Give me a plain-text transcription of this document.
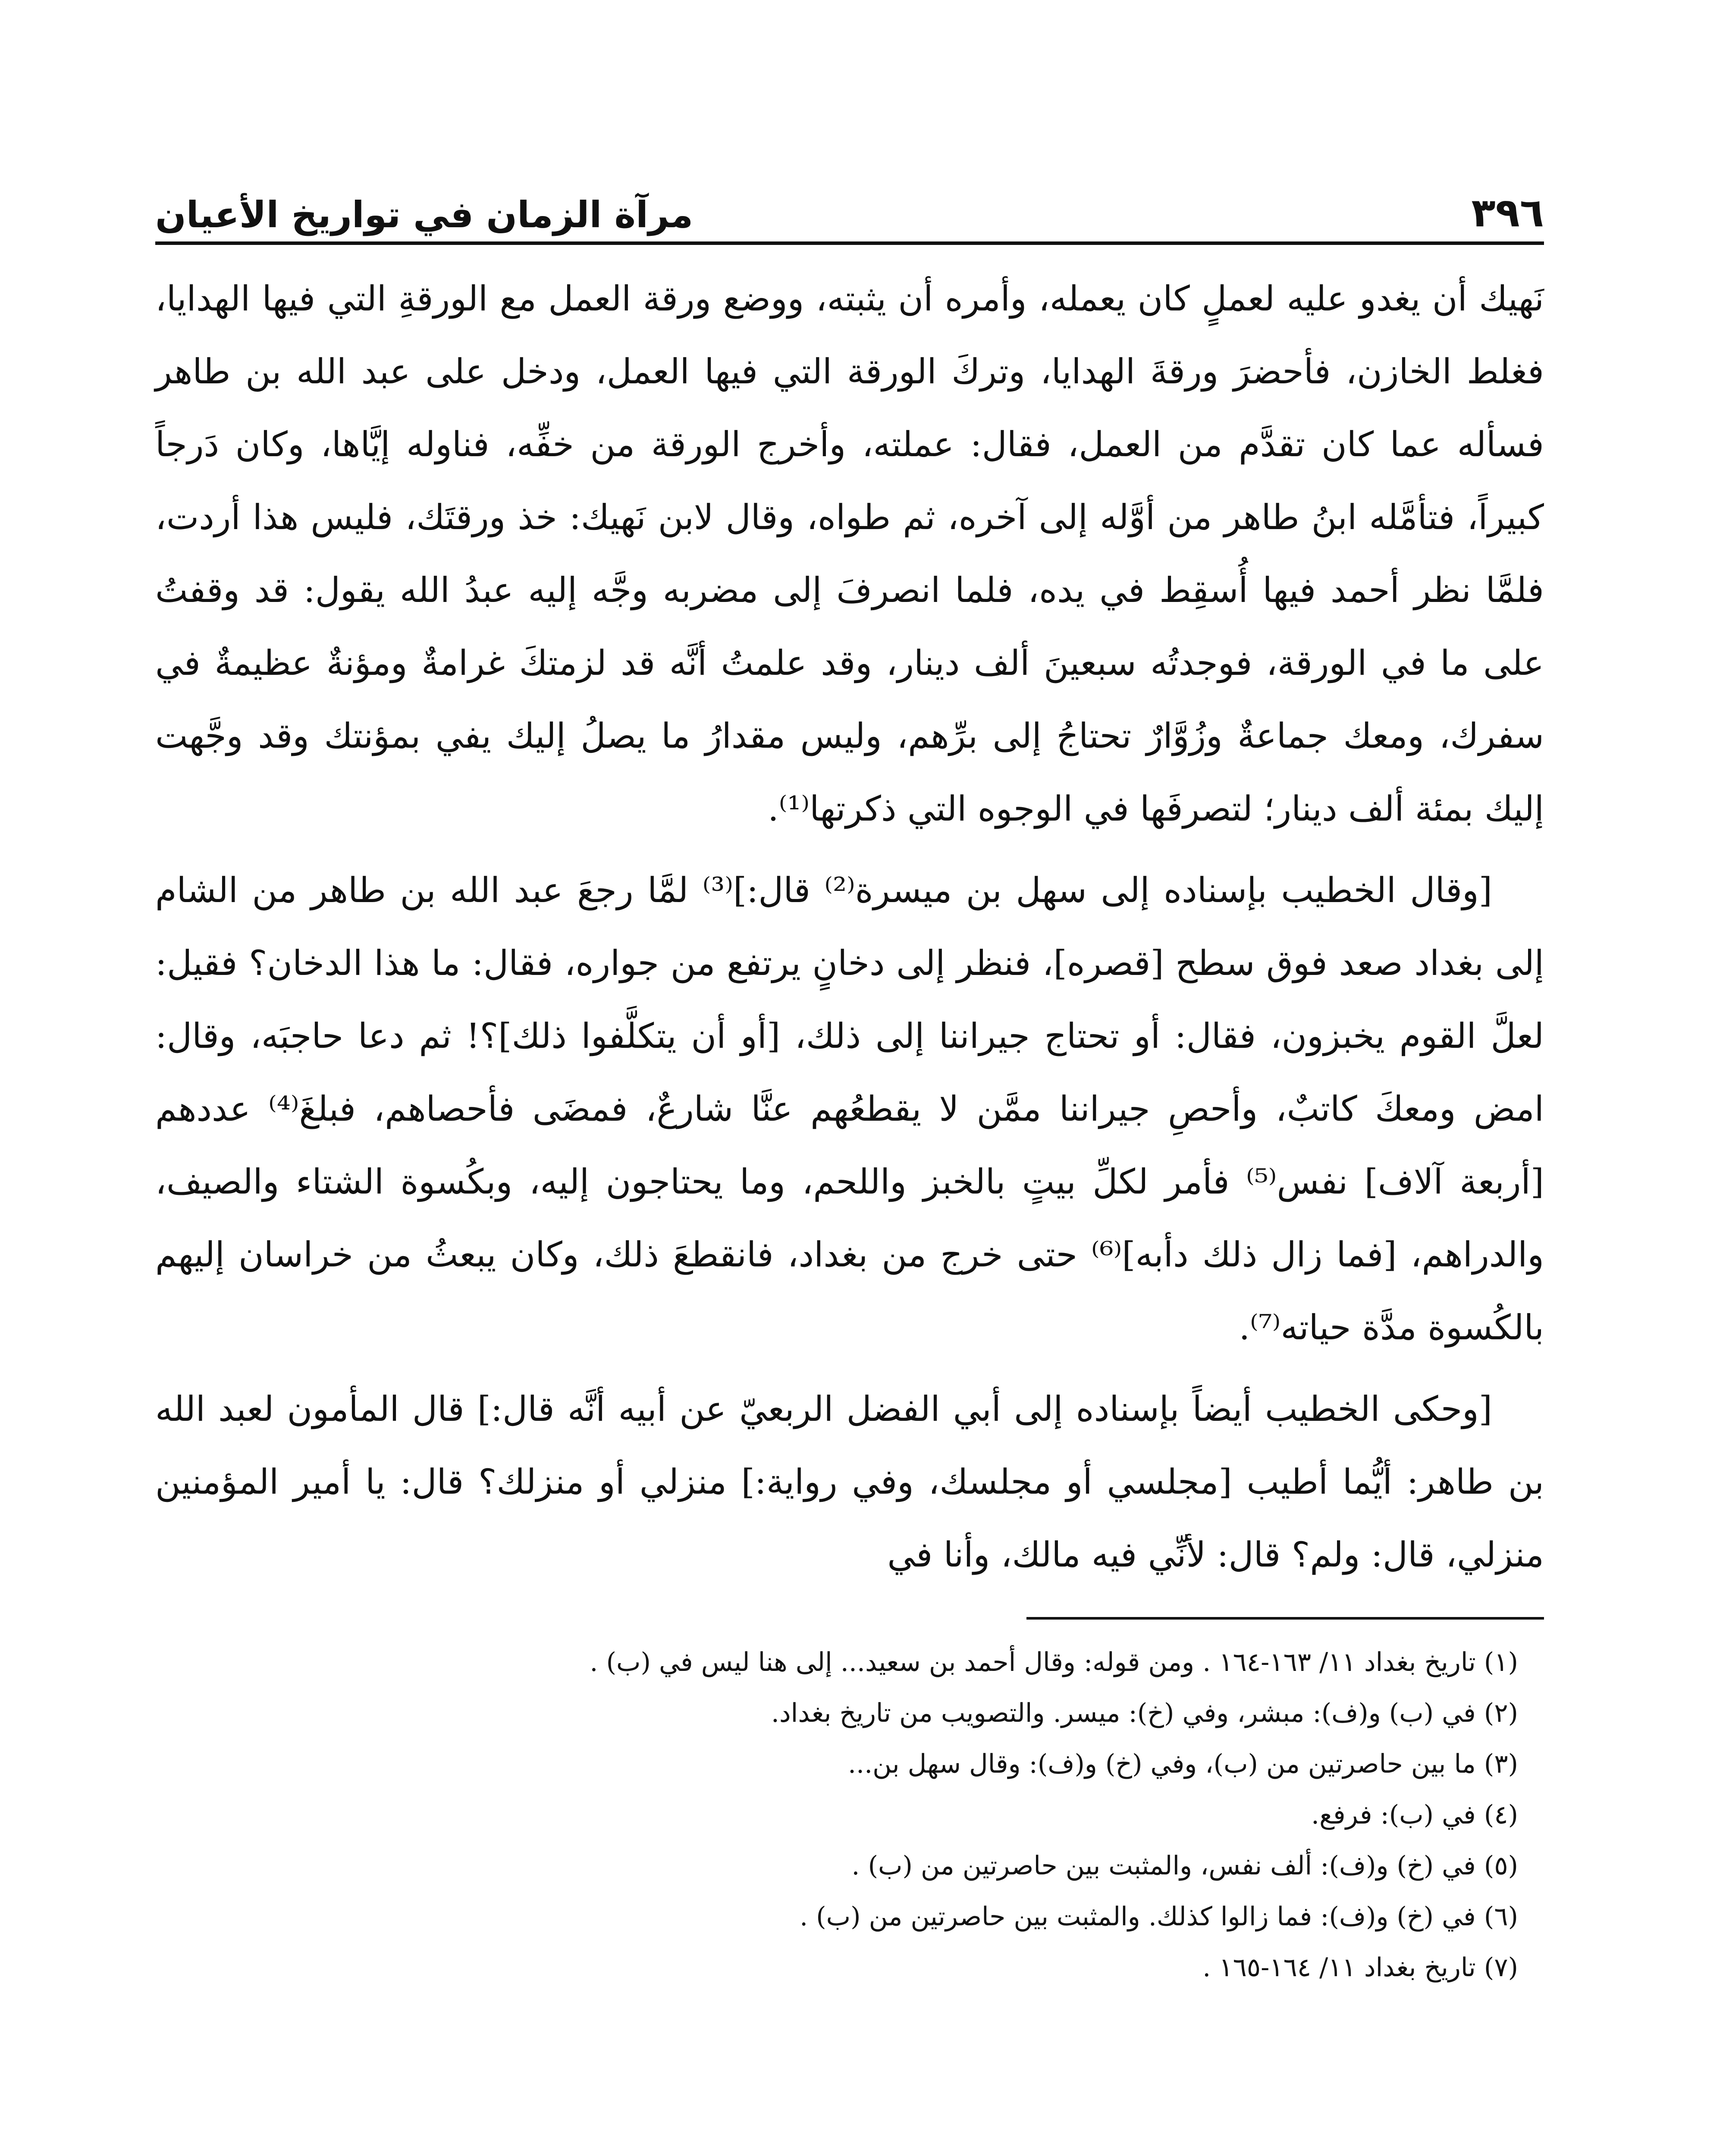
٣٩٦
مرآة الزمان في تواريخ الأعيان

نَهيك أن يغدو عليه لعملٍ كان يعمله، وأمره أن يثبته، ووضع ورقة العمل مع الورقةِ التي فيها الهدايا، فغلط الخازن، فأحضرَ ورقةَ الهدايا، وتركَ الورقة التي فيها العمل، ودخل على عبد الله بن طاهر فسأله عما كان تقدَّم من العمل، فقال: عملته، وأخرج الورقة من خفِّه، فناوله إيَّاها، وكان دَرجاً كبيراً، فتأمَّله ابنُ طاهر من أوَّله إلى آخره، ثم طواه، وقال لابن نَهيك: خذ ورقتَك، فليس هذا أردت، فلمَّا نظر أحمد فيها أُسقِط في يده، فلما انصرفَ إلى مضربه وجَّه إليه عبدُ الله يقول: قد وقفتُ على ما في الورقة، فوجدتُه سبعينَ ألف دينار، وقد علمتُ أنَّه قد لزمتكَ غرامةٌ ومؤنةٌ عظيمةٌ في سفرك، ومعك جماعةٌ وزُوَّارٌ تحتاجُ إلى برِّهم، وليس مقدارُ ما يصلُ إليك يفي بمؤنتك وقد وجَّهت إليك بمئة ألف دينار؛ لتصرفَها في الوجوه التي ذكرتها⁽¹⁾.

[وقال الخطيب بإسناده إلى سهل بن ميسرة⁽²⁾ قال:]⁽³⁾ لمَّا رجعَ عبد الله بن طاهر من الشام إلى بغداد صعد فوق سطح [قصره]، فنظر إلى دخانٍ يرتفع من جواره، فقال: ما هذا الدخان؟ فقيل: لعلَّ القوم يخبزون، فقال: أو تحتاج جيراننا إلى ذلك، [أو أن يتكلَّفوا ذلك]؟! ثم دعا حاجبَه، وقال: امض ومعكَ كاتبٌ، وأحصِ جيراننا ممَّن لا يقطعُهم عنَّا شارعٌ، فمضَى فأحصاهم، فبلغَ⁽⁴⁾ عددهم [أربعة آلاف] نفس⁽⁵⁾ فأمر لكلِّ بيتٍ بالخبز واللحم، وما يحتاجون إليه، وبكُسوة الشتاء والصيف، والدراهم، [فما زال ذلك دأبه]⁽⁶⁾ حتى خرج من بغداد، فانقطعَ ذلك، وكان يبعثُ من خراسان إليهم بالكُسوة مدَّة حياته⁽⁷⁾.

[وحكى الخطيب أيضاً بإسناده إلى أبي الفضل الربعيّ عن أبيه أنَّه قال:] قال المأمون لعبد الله بن طاهر: أيُّما أطيب [مجلسي أو مجلسك، وفي رواية:] منزلي أو منزلك؟ قال: يا أمير المؤمنين منزلي، قال: ولم؟ قال: لأنِّي فيه مالك، وأنا في

(١) تاريخ بغداد ١١/ ١٦٣-١٦٤ . ومن قوله: وقال أحمد بن سعيد... إلى هنا ليس في (ب) .
(٢) في (ب) و(ف): مبشر، وفي (خ): ميسر. والتصويب من تاريخ بغداد.
(٣) ما بين حاصرتين من (ب)، وفي (خ) و(ف): وقال سهل بن...
(٤) في (ب): فرفع.
(٥) في (خ) و(ف): ألف نفس، والمثبت بين حاصرتين من (ب) .
(٦) في (خ) و(ف): فما زالوا كذلك. والمثبت بين حاصرتين من (ب) .
(٧) تاريخ بغداد ١١/ ١٦٤-١٦٥ .
